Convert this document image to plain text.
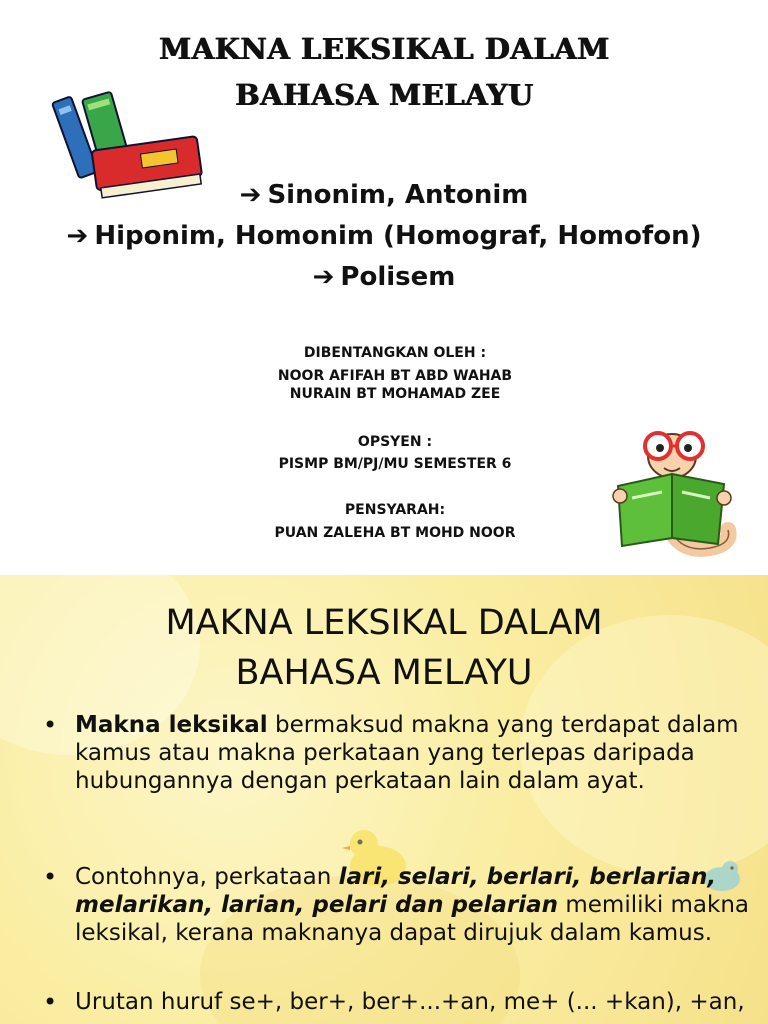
MAKNA LEKSIKAL DALAM
BAHASA MELAYU
➔ Sinonim, Antonim
➔ Hiponim, Homonim (Homograf, Homofon)
➔ Polisem
DIBENTANGKAN OLEH :
NOOR AFIFAH BT ABD WAHAB
NURAIN BT MOHAMAD ZEE
OPSYEN :
PISMP BM/PJ/MU SEMESTER 6
PENSYARAH:
PUAN ZALEHA BT MOHD NOOR
MAKNA LEKSIKAL DALAM
BAHASA MELAYU
• Makna leksikal bermaksud makna yang terdapat dalam kamus atau makna perkataan yang terlepas daripada hubungannya dengan perkataan lain dalam ayat.
• Contohnya, perkataan lari, selari, berlari, berlarian, melarikan, larian, pelari dan pelarian memiliki makna leksikal, kerana maknanya dapat dirujuk dalam kamus.
• Urutan huruf se+, ber+, ber+...+an, me+ (... +kan), +an,
